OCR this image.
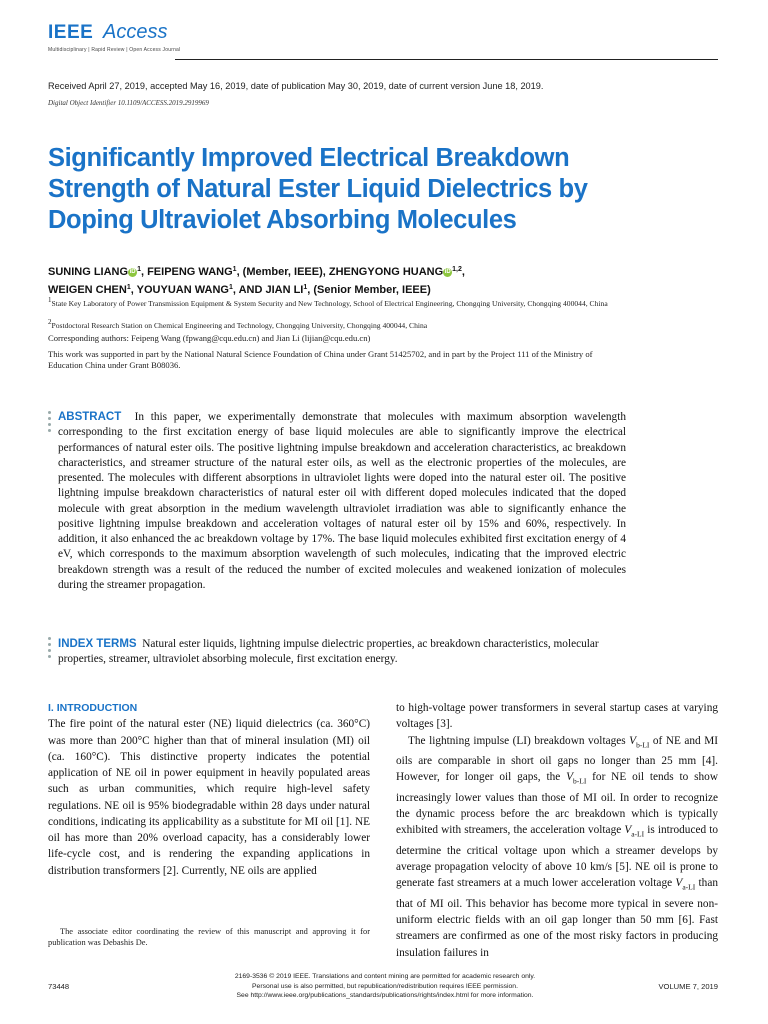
IEEE Access
Multidisciplinary | Rapid Review | Open Access Journal
Received April 27, 2019, accepted May 16, 2019, date of publication May 30, 2019, date of current version June 18, 2019.
Digital Object Identifier 10.1109/ACCESS.2019.2919969
Significantly Improved Electrical Breakdown Strength of Natural Ester Liquid Dielectrics by Doping Ultraviolet Absorbing Molecules
SUNING LIANG iD $^1$, FEIPENG WANG$^1$, (Member, IEEE), ZHENGYONG HUANG iD $^{1,2}$,
WEIGEN CHEN$^1$, YOUYUAN WANG$^1$, AND JIAN $LI^1$, (Senior Member, IEEE)
1State Key Laboratory of Power Transmission Equipment & System Security and New Technology, School of Electrical Engineering, Chongqing University, Chongqing 400044, China
2Postdoctoral Research Station on Chemical Engineering and Technology, Chongqing University, Chongqing 400044, China
Corresponding authors: Feipeng Wang (fpwang@cqu.edu.cn) and Jian Li (lijian@cqu.edu.cn)
This work was supported in part by the National Natural Science Foundation of China under Grant 51425702, and in part by the Project 111 of the Ministry of Education China under Grant B08036.
ABSTRACT In this paper, we experimentally demonstrate that molecules with maximum absorption wavelength corresponding to the first excitation energy of base liquid molecules are able to significantly improve the electrical performances of natural ester oils. The positive lightning impulse breakdown and acceleration characteristics, ac breakdown characteristics, and streamer structure of the natural ester oils, as well as the electronic properties of the molecules, are presented. The molecules with different absorptions in ultraviolet lights were doped into the natural ester oil. The positive lightning impulse breakdown characteristics of natural ester oil with different doped molecules indicated that the doped molecule with great absorption in the medium wavelength ultraviolet irradiation was able to significantly enhance the positive lightning impulse breakdown and acceleration voltages of natural ester oil by 15% and 60%, respectively. In addition, it also enhanced the ac breakdown voltage by 17%. The base liquid molecules exhibited first excitation energy of 4 eV, which corresponds to the maximum absorption wavelength of such molecules, indicating that the improved electric breakdown strength was a result of the reduced the number of excited molecules and weakened ionization of molecules during the streamer propagation.
INDEX TERMS Natural ester liquids, lightning impulse dielectric properties, ac breakdown characteristics, molecular properties, streamer, ultraviolet absorbing molecule, first excitation energy.
I. INTRODUCTION
The fire point of the natural ester (NE) liquid dielectrics (ca. 360°C) was more than 200°C higher than that of mineral insulation (MI) oil (ca. 160°C). This distinctive property indicates the potential application of NE oil in power equipment in heavily populated areas such as urban communities, which require high-level safety regulations. NE oil is 95% biodegradable within 28 days under natural conditions, indicating its applicability as a substitute for MI oil [1]. NE oil has more than 20% overload capacity, has a considerably lower life-cycle cost, and is rendering the expanding applications in distribution transformers [2]. Currently, NE oils are applied
to high-voltage power transformers in several startup cases at varying voltages [3].
The lightning impulse (LI) breakdown voltages $V_{b-LI}$ of NE and MI oils are comparable in short oil gaps no longer than 25 mm [4]. However, for longer oil gaps, the $V_{b-LI}$ for NE oil tends to show increasingly lower values than those of MI oil. In order to recognize the dynamic process before the arc breakdown which is typically exhibited with streamers, the acceleration voltage $V_{a-LI}$ is introduced to determine the critical voltage upon which a streamer develops by average propagation velocity of above 10 km/s [5]. NE oil is prone to generate fast streamers at a much lower acceleration voltage $V_{a-LI}$ than that of MI oil. This behavior has become more typical in severe non-uniform electric fields with an oil gap longer than 50 mm [6]. Fast streamers are confirmed as one of the most risky factors in producing insulation failures in
The associate editor coordinating the review of this manuscript and approving it for publication was Debashis De.
73448
2169-3536 © 2019 IEEE. Translations and content mining are permitted for academic research only.
Personal use is also permitted, but republication/redistribution requires IEEE permission.
See http://www.ieee.org/publications_standards/publications/rights/index.html for more information.
VOLUME 7, 2019
